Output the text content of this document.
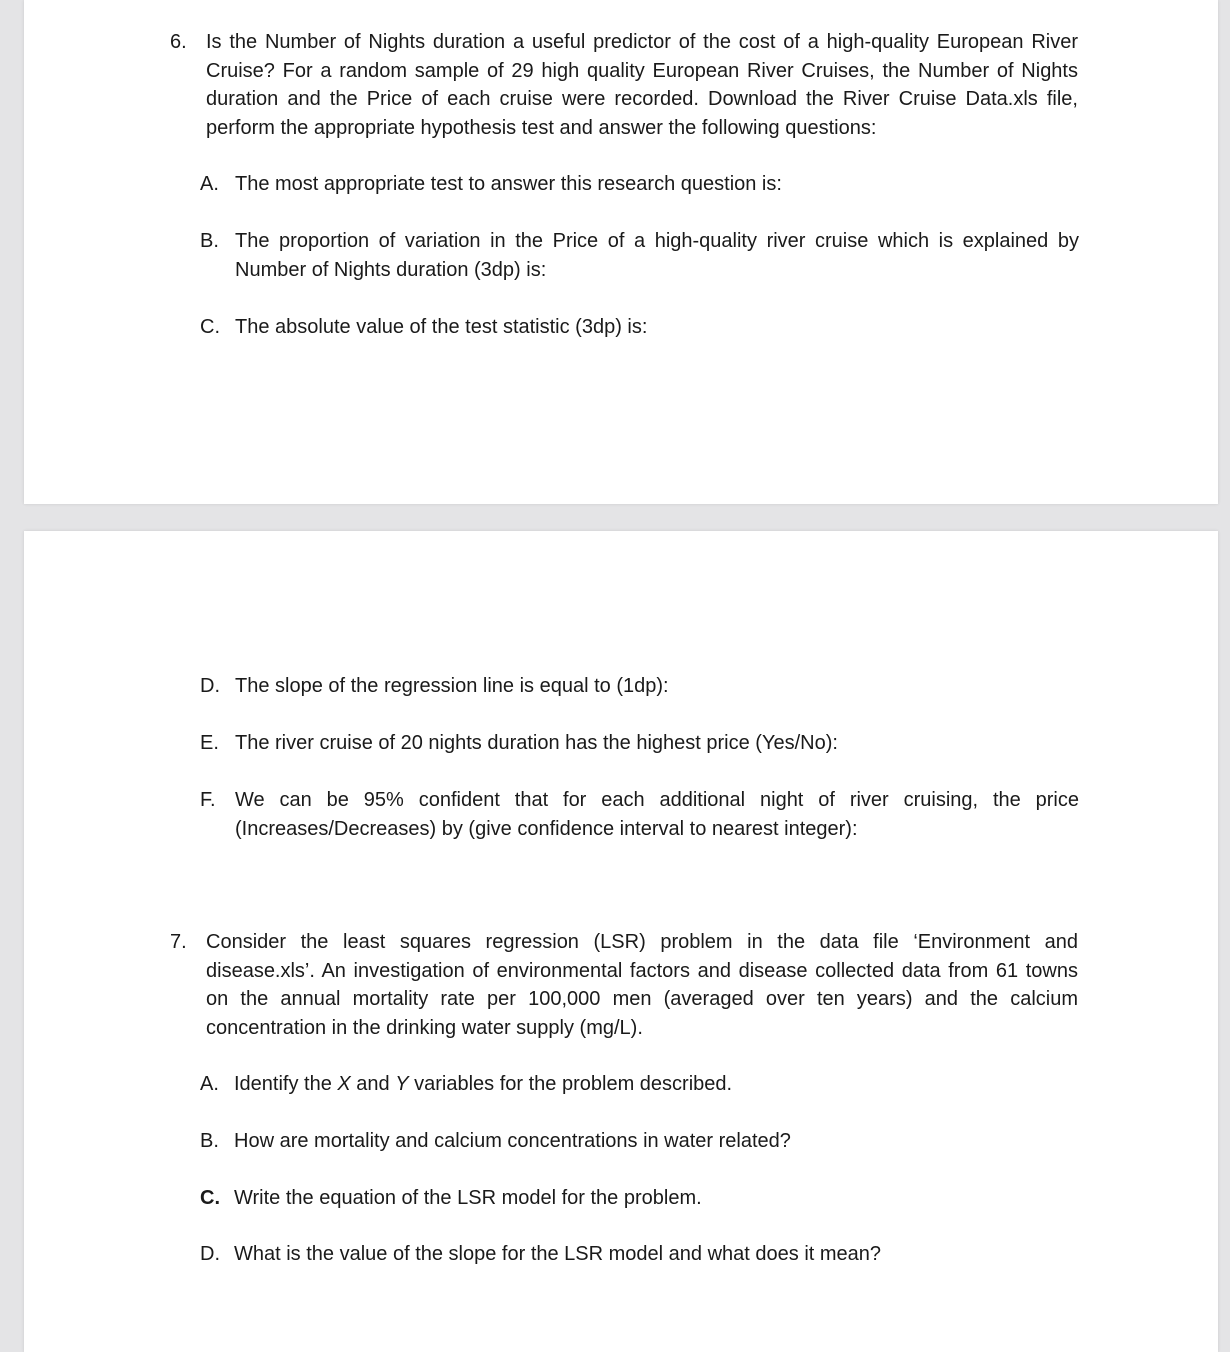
6. Is the Number of Nights duration a useful predictor of the cost of a high-quality European River Cruise? For a random sample of 29 high quality European River Cruises, the Number of Nights duration and the Price of each cruise were recorded. Download the River Cruise Data.xls file, perform the appropriate hypothesis test and answer the following questions:
A. The most appropriate test to answer this research question is:
B. The proportion of variation in the Price of a high-quality river cruise which is explained by Number of Nights duration (3dp) is:
C. The absolute value of the test statistic (3dp) is:
D. The slope of the regression line is equal to (1dp):
E. The river cruise of 20 nights duration has the highest price (Yes/No):
F. We can be 95% confident that for each additional night of river cruising, the price (Increases/Decreases) by (give confidence interval to nearest integer):
7. Consider the least squares regression (LSR) problem in the data file ‘Environment and disease.xls’. An investigation of environmental factors and disease collected data from 61 towns on the annual mortality rate per 100,000 men (averaged over ten years) and the calcium concentration in the drinking water supply (mg/L).
A. Identify the X and Y variables for the problem described.
B. How are mortality and calcium concentrations in water related?
C. Write the equation of the LSR model for the problem.
D. What is the value of the slope for the LSR model and what does it mean?
